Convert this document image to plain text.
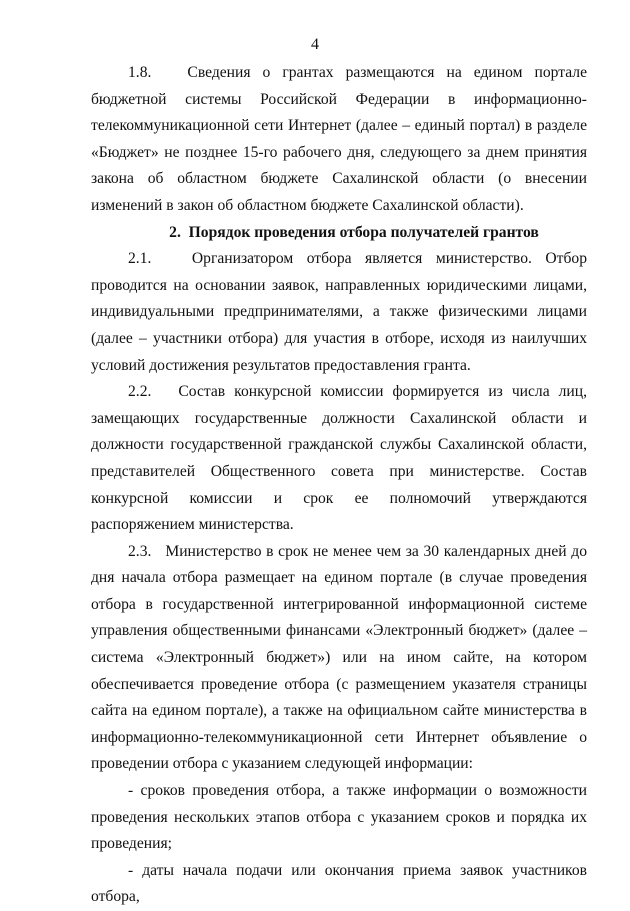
4

1.8.   Сведения о грантах размещаются на едином портале бюджетной системы Российской Федерации в информационно-телекоммуникационной сети Интернет (далее – единый портал) в разделе «Бюджет» не позднее 15-го рабочего дня, следующего за днем принятия закона об областном бюджете Сахалинской области (о внесении изменений в закон об областном бюджете Сахалинской области).

2.  Порядок проведения отбора получателей грантов

2.1.   Организатором отбора является министерство. Отбор проводится на основании заявок, направленных юридическими лицами, индивидуальными предпринимателями, а также физическими лицами (далее – участники отбора) для участия в отборе, исходя из наилучших условий достижения результатов предоставления гранта.

2.2.   Состав конкурсной комиссии формируется из числа лиц, замещающих государственные должности Сахалинской области и должности государственной гражданской службы Сахалинской области, представителей Общественного совета при министерстве. Состав конкурсной комиссии и срок ее полномочий утверждаются распоряжением министерства.

2.3.   Министерство в срок не менее чем за 30 календарных дней до дня начала отбора размещает на едином портале (в случае проведения отбора в государственной интегрированной информационной системе управления общественными финансами «Электронный бюджет» (далее – система «Электронный бюджет») или на ином сайте, на котором обеспечивается проведение отбора (с размещением указателя страницы сайта на едином портале), а также на официальном сайте министерства в информационно-телекоммуникационной сети Интернет объявление о проведении отбора с указанием следующей информации:

- сроков проведения отбора, а также информации о возможности проведения нескольких этапов отбора с указанием сроков и порядка их проведения;

- даты начала подачи или окончания приема заявок участников отбора,
